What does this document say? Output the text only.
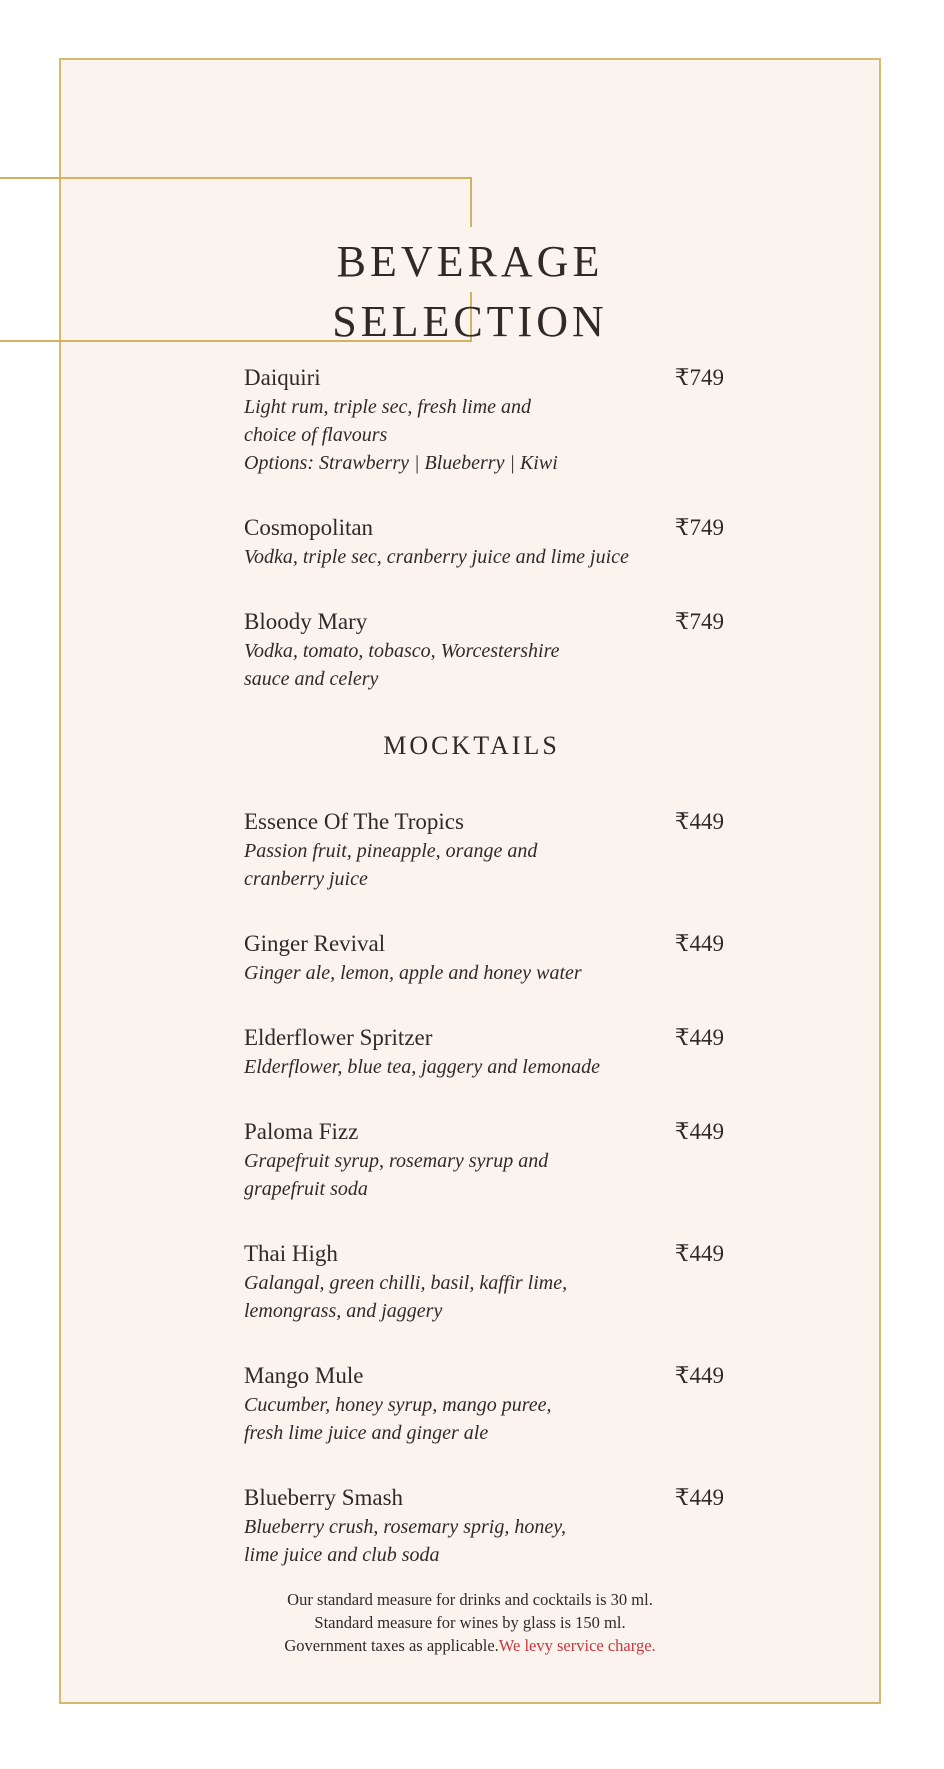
BEVERAGE SELECTION
Daiquiri	₹749
Light rum, triple sec, fresh lime and
choice of flavours
Options: Strawberry | Blueberry | Kiwi
Cosmopolitan	₹749
Vodka, triple sec, cranberry juice and lime juice
Bloody Mary	₹749
Vodka, tomato, tobasco, Worcestershire
sauce and celery
MOCKTAILS
Essence Of The Tropics	₹449
Passion fruit, pineapple, orange and
cranberry juice
Ginger Revival	₹449
Ginger ale, lemon, apple and honey water
Elderflower Spritzer	₹449
Elderflower, blue tea, jaggery and lemonade
Paloma Fizz	₹449
Grapefruit syrup, rosemary syrup and
grapefruit soda
Thai High	₹449
Galangal, green chilli, basil, kaffir lime,
lemongrass, and jaggery
Mango Mule	₹449
Cucumber, honey syrup, mango puree,
fresh lime juice and ginger ale
Blueberry Smash	₹449
Blueberry crush, rosemary sprig, honey,
lime juice and club soda
Our standard measure for drinks and cocktails is 30 ml.
Standard measure for wines by glass is 150 ml.
Government taxes as applicable.We levy service charge.
